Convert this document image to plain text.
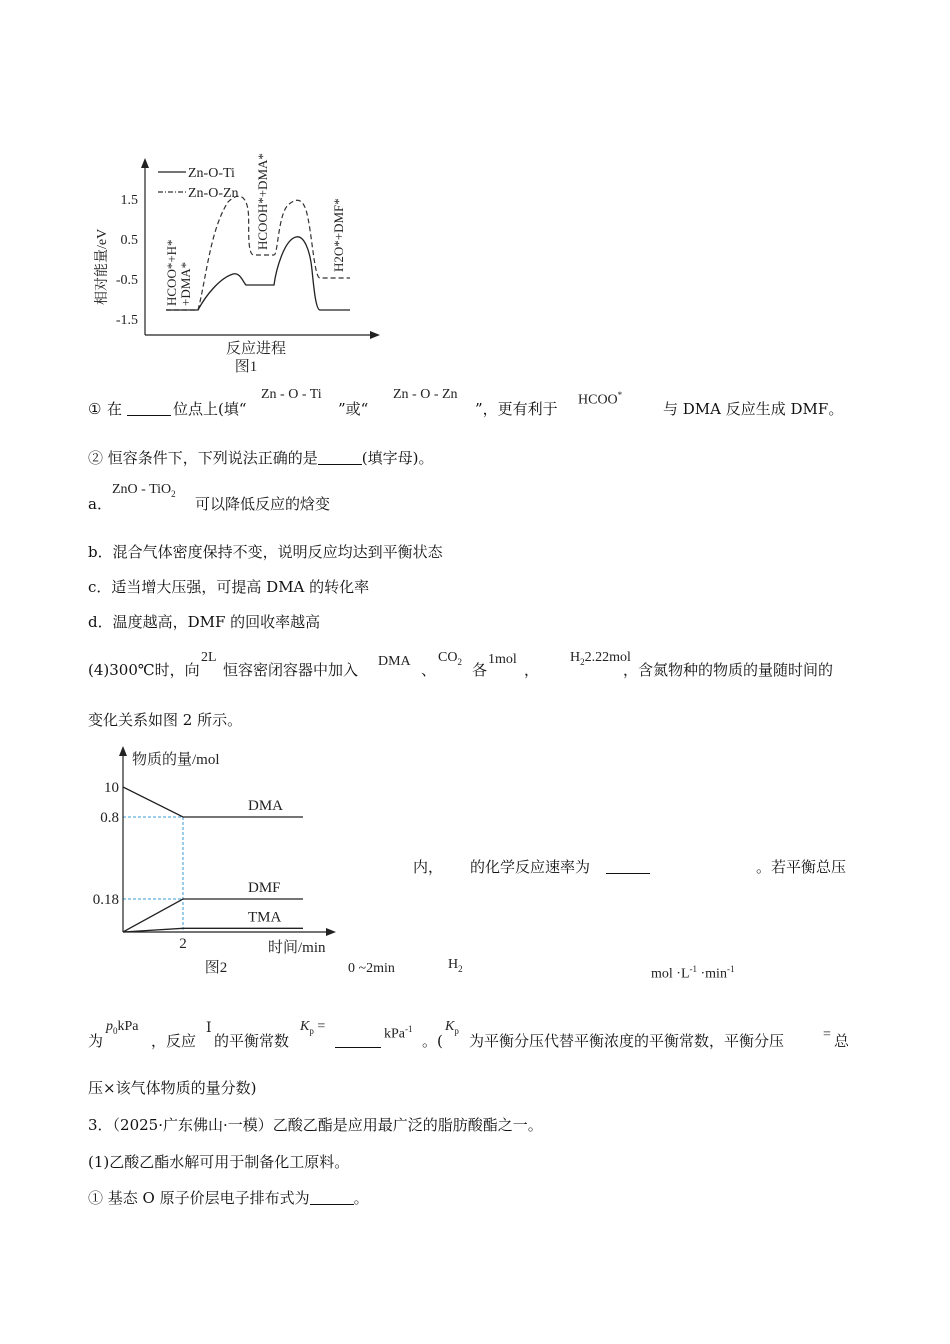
1.5
0.5
-0.5
-1.5
相对能量/eV
Zn-O-Ti
Zn-O-Zn
HCOO*+H* +DMA*
HCOOH*+DMA*	H2O*+DMF*
反应进程
图1
① 在	位点上(填“
Zn - O - Ti
”或“
Zn - O - Zn
”，更有利于 HCOO*
与 DMA 反应生成 DMF。
② 恒容条件下，下列说法正确的是	(填字母)。
a．
ZnO - TiO$_2$
可以降低反应的焓变
b．混合气体密度保持不变，说明反应均达到平衡状态
c．适当增大压强，可提高 DMA 的转化率
d．温度越高，DMF 的回收率越高
(4)300℃时，向
2L
恒容密闭容器中加入 DMA 、
$CO_2$ 各
1mol
，
$H_22.22mol$
，含氮物种的物质的量随时间的
变化关系如图 2 所示。
DMA
DMF
TMA
10
0.8
0.18
2
物质的量/mol
时间/min
图2
内， 的化学反应速率为	。若平衡总压
0 ~2min	$H_2$	mol $\cdot L^{-1} \cdot\min^{-1}$
为
$p_0kPa$
，反应
Ⅰ
的平衡常数
$K_p$ =
kPa$^{-1}$
。(
$K_p$
为平衡分压代替平衡浓度的平衡常数，平衡分压	= 总
压×该气体物质的量分数)
3．（2025·广东佛山·一模）乙酸乙酯是应用最广泛的脂肪酸酯之一。
(1)乙酸乙酯水解可用于制备化工原料。
① 基态 O 原子价层电子排布式为	。
